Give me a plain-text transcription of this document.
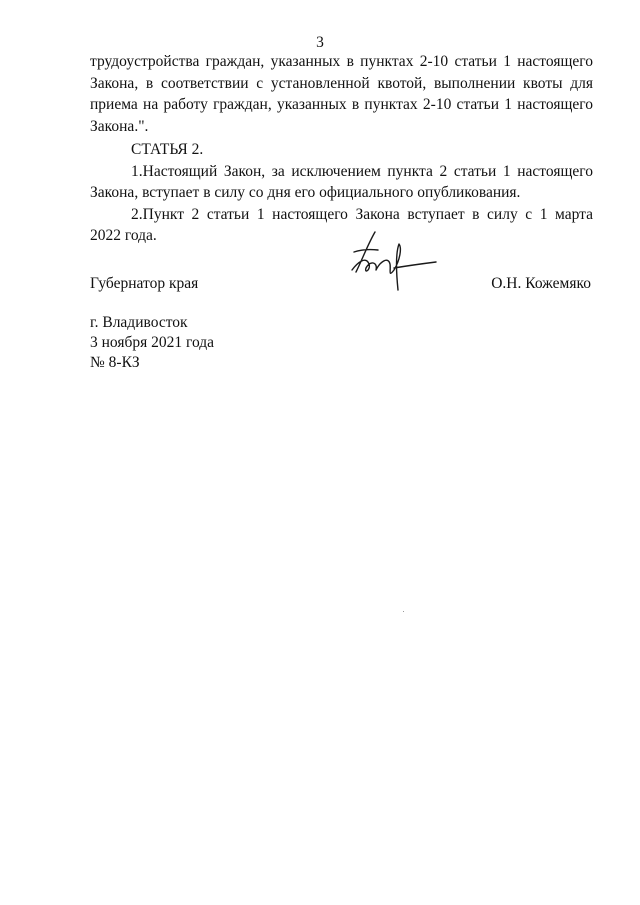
3

трудоустройства граждан, указанных в пунктах 2-10 статьи 1 настоящего

Закона, в соответствии с установленной квотой, выполнении квоты для

приема на работу граждан, указанных в пунктах 2-10 статьи 1 настоящего

Закона.".

СТАТЬЯ 2.

1.Настоящий Закон, за исключением пункта 2 статьи 1 настоящего

Закона, вступает в силу со дня его официального опубликования.

2.Пункт 2 статьи 1 настоящего Закона вступает в силу с 1 марта

2022 года.

Губернатор края	О.Н. Кожемяко
г. Владивосток
3 ноября 2021 года
№ 8-КЗ
